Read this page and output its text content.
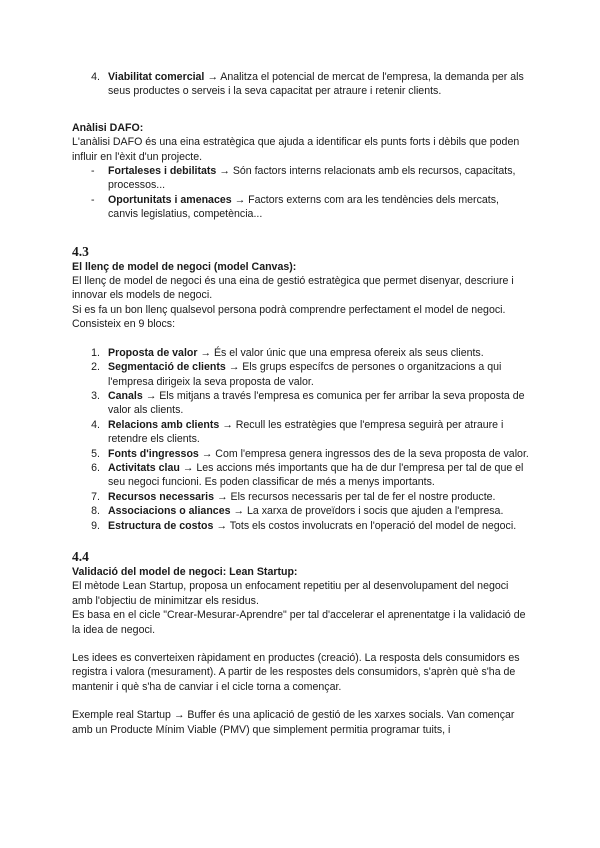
4. Viabilitat comercial → Analitza el potencial de mercat de l'empresa, la demanda per als seus productes o serveis i la seva capacitat per atraure i retenir clients.

Anàlisi DAFO:

L'anàlisi DAFO és una eina estratègica que ajuda a identificar els punts forts i dèbils que poden influir en l'èxit d'un projecte.

-	Fortaleses i debilitats → Són factors interns relacionats amb els recursos, capacitats, processos...
-	Oportunitats i amenaces → Factors externs com ara les tendències dels mercats, canvis legislatius, competència...

4.3

El llenç de model de negoci (model Canvas):

El llenç de model de negoci és una eina de gestió estratègica que permet disenyar, descriure i innovar els models de negoci.

Si es fa un bon llenç qualsevol persona podrà comprendre perfectament el model de negoci. Consisteix en 9 blocs:

1. Proposta de valor → És el valor únic que una empresa ofereix als seus clients.
2. Segmentació de clients → Els grups específcs de persones o organitzacions a qui l'empresa dirigeix la seva proposta de valor.
3. Canals → Els mitjans a través l'empresa es comunica per fer arribar la seva proposta de valor als clients.
4. Relacions amb clients → Recull les estratègies que l'empresa seguirà per atraure i retendre els clients.
5. Fonts d'ingressos → Com l'empresa genera ingressos des de la seva proposta de valor.
6. Activitats clau → Les accions més importants que ha de dur l'empresa per tal de que el seu negoci funcioni. Es poden classificar de més a menys importants.
7. Recursos necessaris → Els recursos necessaris per tal de fer el nostre producte.
8. Associacions o aliances → La xarxa de proveïdors i socis que ajuden a l'empresa.
9. Estructura de costos → Tots els costos involucrats en l'operació del model de negoci.

4.4

Validació del model de negoci: Lean Startup:

El mètode Lean Startup, proposa un enfocament repetitiu per al desenvolupament del negoci amb l'objectiu de minimitzar els residus.

Es basa en el cicle "Crear-Mesurar-Aprendre" per tal d'accelerar el aprenentatge i la validació de la idea de negoci.

Les idees es converteixen ràpidament en productes (creació). La resposta dels consumidors es registra i valora (mesurament). A partir de les respostes dels consumidors, s'aprèn què s'ha de mantenir i què s'ha de canviar i el cicle torna a començar.

Exemple real Startup → Buffer és una aplicació de gestió de les xarxes socials. Van començar amb un Producte Mínim Viable (PMV) que simplement permitia programar tuits, i
